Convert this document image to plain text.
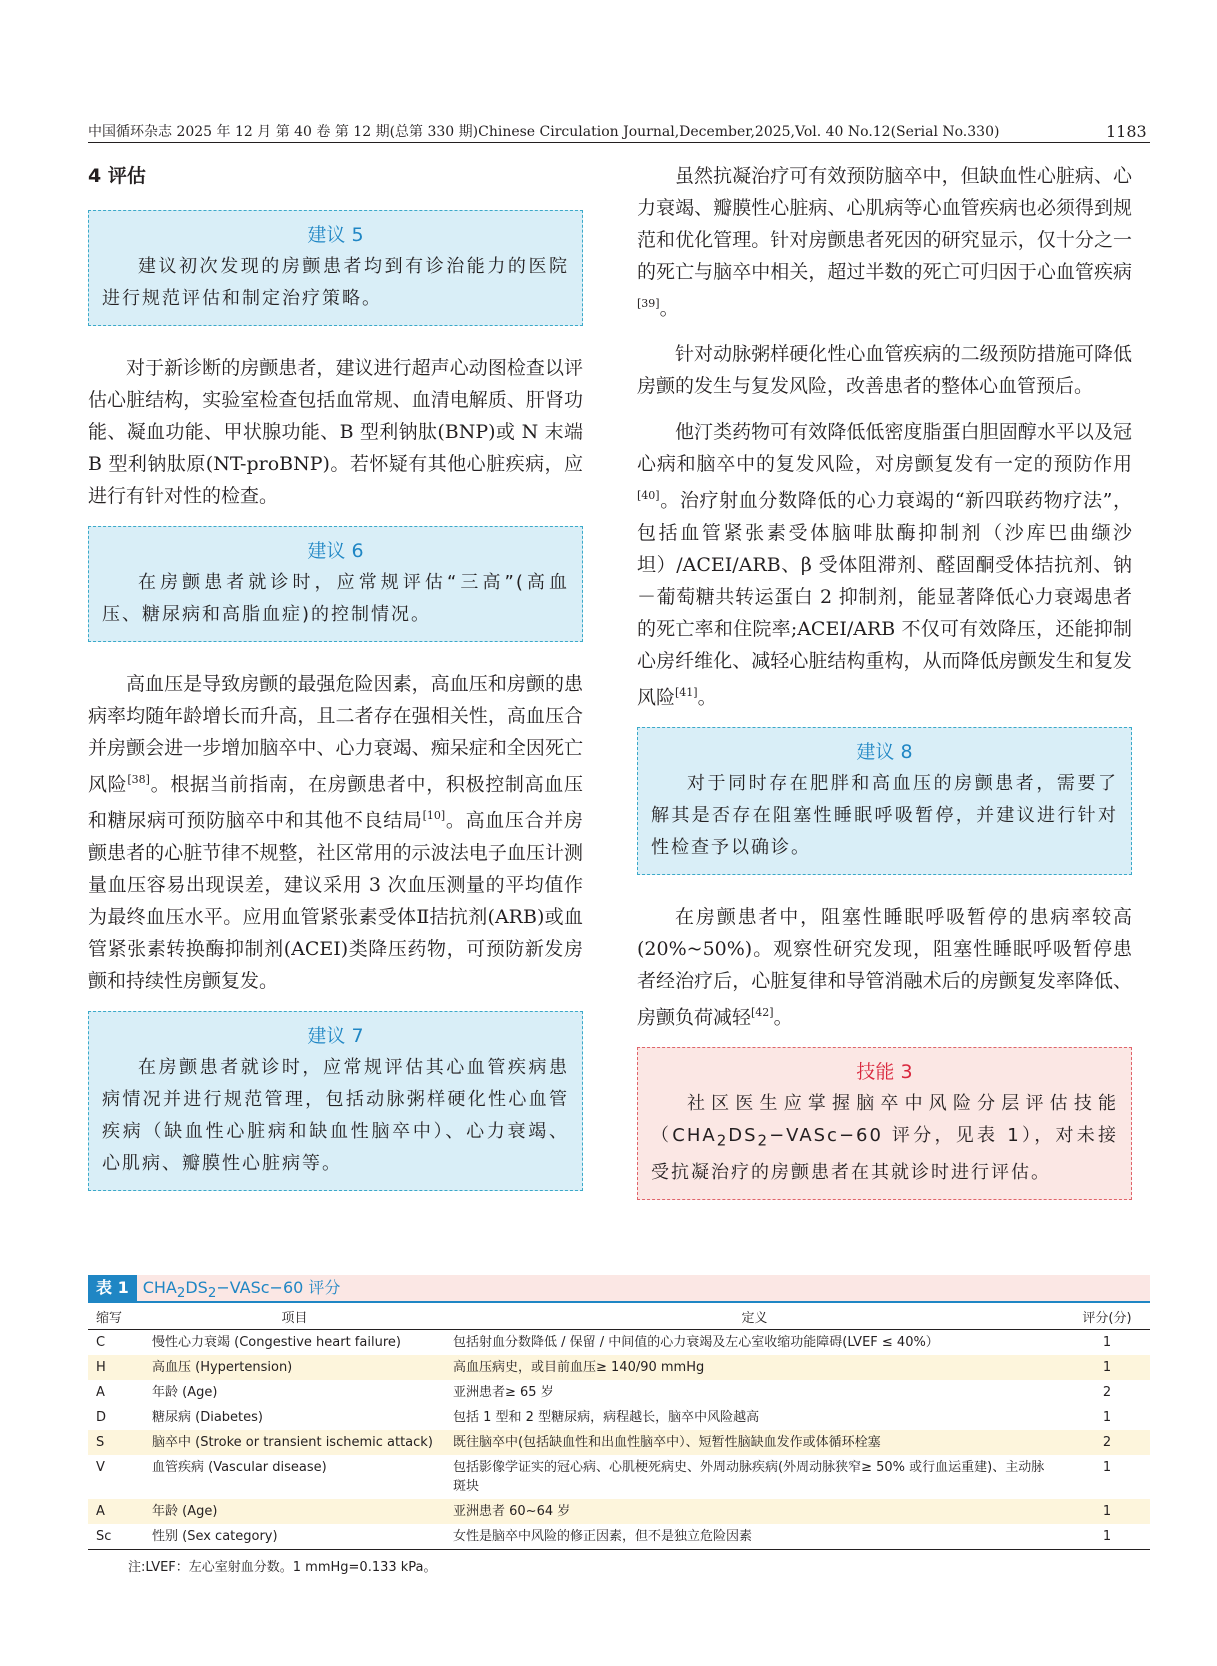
中国循环杂志 2025 年 12 月 第 40 卷 第 12 期(总第 330 期)Chinese Circulation Journal,December,2025,Vol. 40 No.12(Serial No.330)	1183
4 评估
建议 5

建议初次发现的房颤患者均到有诊治能力的医院进行规范评估和制定治疗策略。

对于新诊断的房颤患者，建议进行超声心动图检查以评估心脏结构，实验室检查包括血常规、血清电解质、肝肾功能、凝血功能、甲状腺功能、B 型利钠肽(BNP)或 N 末端 B 型利钠肽原(NT-proBNP)。若怀疑有其他心脏疾病，应进行有针对性的检查。

建议 6

在房颤患者就诊时，应常规评估“三高”(高血压、糖尿病和高脂血症)的控制情况。

高血压是导致房颤的最强危险因素，高血压和房颤的患病率均随年龄增长而升高，且二者存在强相关性，高血压合并房颤会进一步增加脑卒中、心力衰竭、痴呆症和全因死亡风险[38]。根据当前指南，在房颤患者中，积极控制高血压和糖尿病可预防脑卒中和其他不良结局[10]。高血压合并房颤患者的心脏节律不规整，社区常用的示波法电子血压计测量血压容易出现误差，建议采用 3 次血压测量的平均值作为最终血压水平。应用血管紧张素受体Ⅱ拮抗剂(ARB)或血管紧张素转换酶抑制剂(ACEI)类降压药物，可预防新发房颤和持续性房颤复发。

建议 7

在房颤患者就诊时，应常规评估其心血管疾病患病情况并进行规范管理，包括动脉粥样硬化性心血管疾病（缺血性心脏病和缺血性脑卒中）、心力衰竭、心肌病、瓣膜性心脏病等。

虽然抗凝治疗可有效预防脑卒中，但缺血性心脏病、心力衰竭、瓣膜性心脏病、心肌病等心血管疾病也必须得到规范和优化管理。针对房颤患者死因的研究显示，仅十分之一的死亡与脑卒中相关，超过半数的死亡可归因于心血管疾病[39]。

针对动脉粥样硬化性心血管疾病的二级预防措施可降低房颤的发生与复发风险，改善患者的整体心血管预后。

他汀类药物可有效降低低密度脂蛋白胆固醇水平以及冠心病和脑卒中的复发风险，对房颤复发有一定的预防作用[40]。治疗射血分数降低的心力衰竭的“新四联药物疗法”，包括血管紧张素受体脑啡肽酶抑制剂（沙库巴曲缬沙坦）/ACEI/ARB、β 受体阻滞剂、醛固酮受体拮抗剂、钠－葡萄糖共转运蛋白 2 抑制剂，能显著降低心力衰竭患者的死亡率和住院率;ACEI/ARB 不仅可有效降压，还能抑制心房纤维化、减轻心脏结构重构，从而降低房颤发生和复发风险[41]。

建议 8

对于同时存在肥胖和高血压的房颤患者，需要了解其是否存在阻塞性睡眠呼吸暂停，并建议进行针对性检查予以确诊。

在房颤患者中，阻塞性睡眠呼吸暂停的患病率较高(20%~50%)。观察性研究发现，阻塞性睡眠呼吸暂停患者经治疗后，心脏复律和导管消融术后的房颤复发率降低、房颤负荷减轻[42]。

技能 3

社区医生应掌握脑卒中风险分层评估技能（$CHA_2DS_2-VASc-60$ 评分，见表 1），对未接受抗凝治疗的房颤患者在其就诊时进行评估。

表 1 $CHA_2DS_2-VASc-60$ 评分
缩写	项目	定义	评分(分)
C	慢性心力衰竭 (Congestive heart failure)	包括射血分数降低 / 保留 / 中间值的心力衰竭及左心室收缩功能障碍(LVEF ≤ 40%）	1
H	高血压 (Hypertension)	高血压病史，或目前血压≥ 140/90 mmHg	1
A	年龄 (Age)	亚洲患者≥ 65 岁	2
D	糖尿病 (Diabetes)	包括 1 型和 2 型糖尿病，病程越长，脑卒中风险越高	1
S	脑卒中 (Stroke or transient ischemic attack)	既往脑卒中(包括缺血性和出血性脑卒中）、短暂性脑缺血发作或体循环栓塞	2
V	血管疾病 (Vascular disease)	包括影像学证实的冠心病、心肌梗死病史、外周动脉疾病(外周动脉狭窄≥ 50% 或行血运重建)、主动脉斑块	1
A	年龄 (Age)	亚洲患者 60~64 岁	1
Sc	性别 (Sex category)	女性是脑卒中风险的修正因素，但不是独立危险因素	1
注:LVEF：左心室射血分数。1 mmHg=0.133 kPa。
